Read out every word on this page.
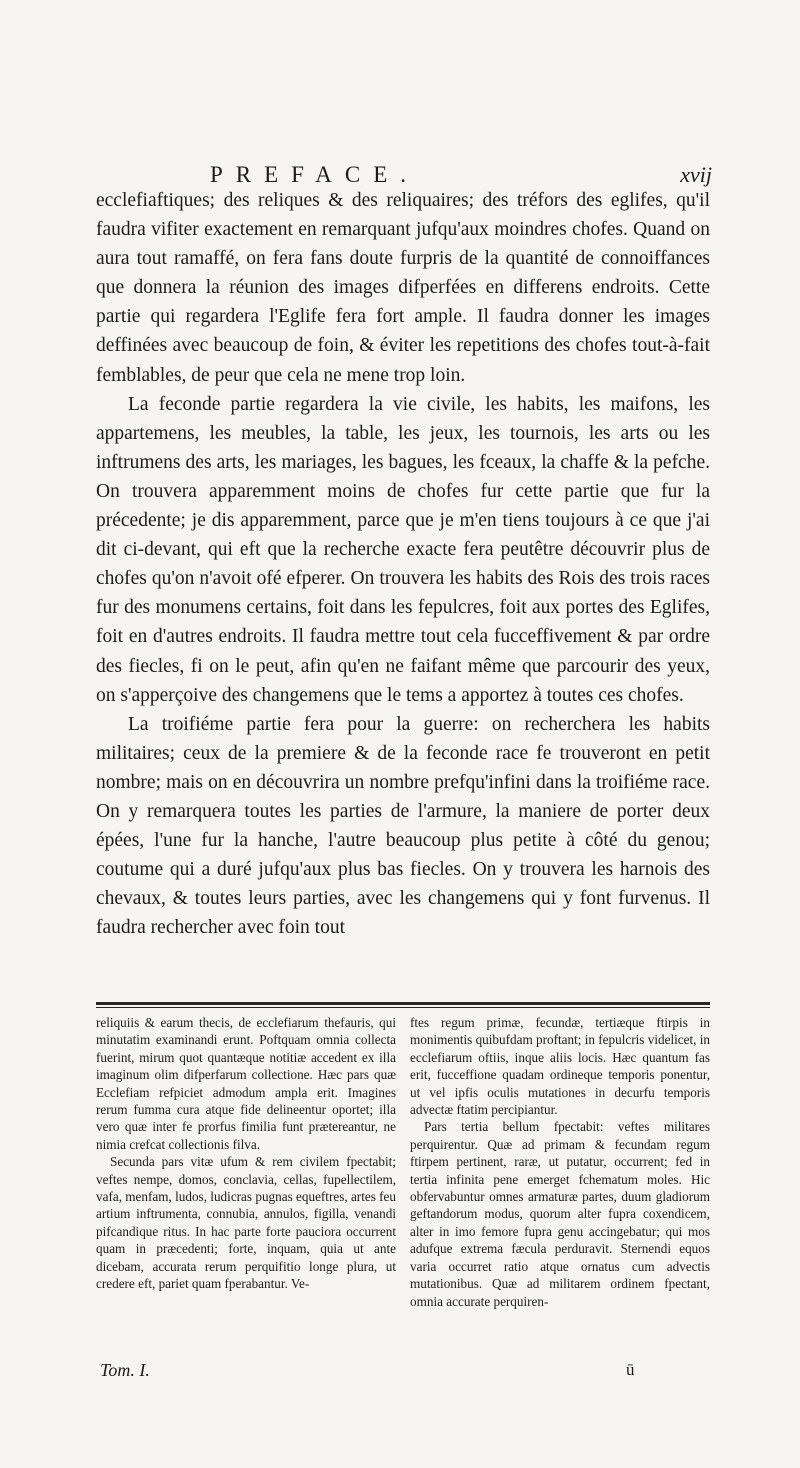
PREFACE.	xvij

ecclefiaftiques; des reliques & des reliquaires; des tréfors des eglifes, qu'il faudra vifiter exactement en remarquant jufqu'aux moindres chofes. Quand on aura tout ramaffé, on fera fans doute furpris de la quantité de connoiffances que donnera la réunion des images difperfées en differens endroits. Cette partie qui regardera l'Eglife fera fort ample. Il faudra donner les images deffinées avec beaucoup de foin, & éviter les repetitions des chofes tout-à-fait femblables, de peur que cela ne mene trop loin.

La feconde partie regardera la vie civile, les habits, les maifons, les appartemens, les meubles, la table, les jeux, les tournois, les arts ou les inftrumens des arts, les mariages, les bagues, les fceaux, la chaffe & la pefche. On trouvera apparemment moins de chofes fur cette partie que fur la précedente; je dis apparemment, parce que je m'en tiens toujours à ce que j'ai dit ci-devant, qui eft que la recherche exacte fera peutêtre découvrir plus de chofes qu'on n'avoit ofé efperer. On trouvera les habits des Rois des trois races fur des monumens certains, foit dans les fepulcres, foit aux portes des Eglifes, foit en d'autres endroits. Il faudra mettre tout cela fucceffivement & par ordre des fiecles, fi on le peut, afin qu'en ne faifant même que parcourir des yeux, on s'apperçoive des changemens que le tems a apportez à toutes ces chofes.

La troifiéme partie fera pour la guerre: on recherchera les habits militaires; ceux de la premiere & de la feconde race fe trouveront en petit nombre; mais on en découvrira un nombre prefqu'infini dans la troifiéme race. On y remarquera toutes les parties de l'armure, la maniere de porter deux épées, l'une fur la hanche, l'autre beaucoup plus petite à côté du genou; coutume qui a duré jufqu'aux plus bas fiecles. On y trouvera les harnois des chevaux, & toutes leurs parties, avec les changemens qui y font furvenus. Il faudra rechercher avec foin tout

reliquiis & earum thecis, de ecclefiarum thefauris, qui minutatim examinandi erunt. Poftquam omnia collecta fuerint, mirum quot quantæque notitiæ accedent ex illa imaginum olim difperfarum collectione. Hæc pars quæ Ecclefiam refpiciet admodum ampla erit. Imagines rerum fumma cura atque fide delineentur oportet; illa vero quæ inter fe prorfus fimilia funt prætereantur, ne nimia crefcat collectionis filva.

Secunda pars vitæ ufum & rem civilem fpectabit; veftes nempe, domos, conclavia, cellas, fupellectilem, vafa, menfam, ludos, ludicras pugnas equeftres, artes feu artium inftrumenta, connubia, annulos, figilla, venandi pifcandique ritus. In hac parte forte pauciora occurrent quam in præcedenti; forte, inquam, quia ut ante dicebam, accurata rerum perquifitio longe plura, ut credere eft, pariet quam fperabantur. Ve-

ftes regum primæ, fecundæ, tertiæque ftirpis in monimentis quibufdam proftant; in fepulcris videlicet, in ecclefiarum oftiis, inque aliis locis. Hæc quantum fas erit, fucceffione quadam ordineque temporis ponentur, ut vel ipfis oculis mutationes in decurfu temporis advectæ ftatim percipiantur.

Pars tertia bellum fpectabit: veftes militares perquirentur. Quæ ad primam & fecundam regum ftirpem pertinent, raræ, ut putatur, occurrent; fed in tertia infinita pene emerget fchematum moles. Hic obfervabuntur omnes armaturæ partes, duum gladiorum geftandorum modus, quorum alter fupra coxendicem, alter in imo femore fupra genu accingebatur; qui mos adufque extrema fæcula perduravit. Sternendi equos varia occurret ratio atque ornatus cum advectis mutationibus. Quæ ad militarem ordinem fpectant, omnia accurate perquiren-

Tom. I.	ū
